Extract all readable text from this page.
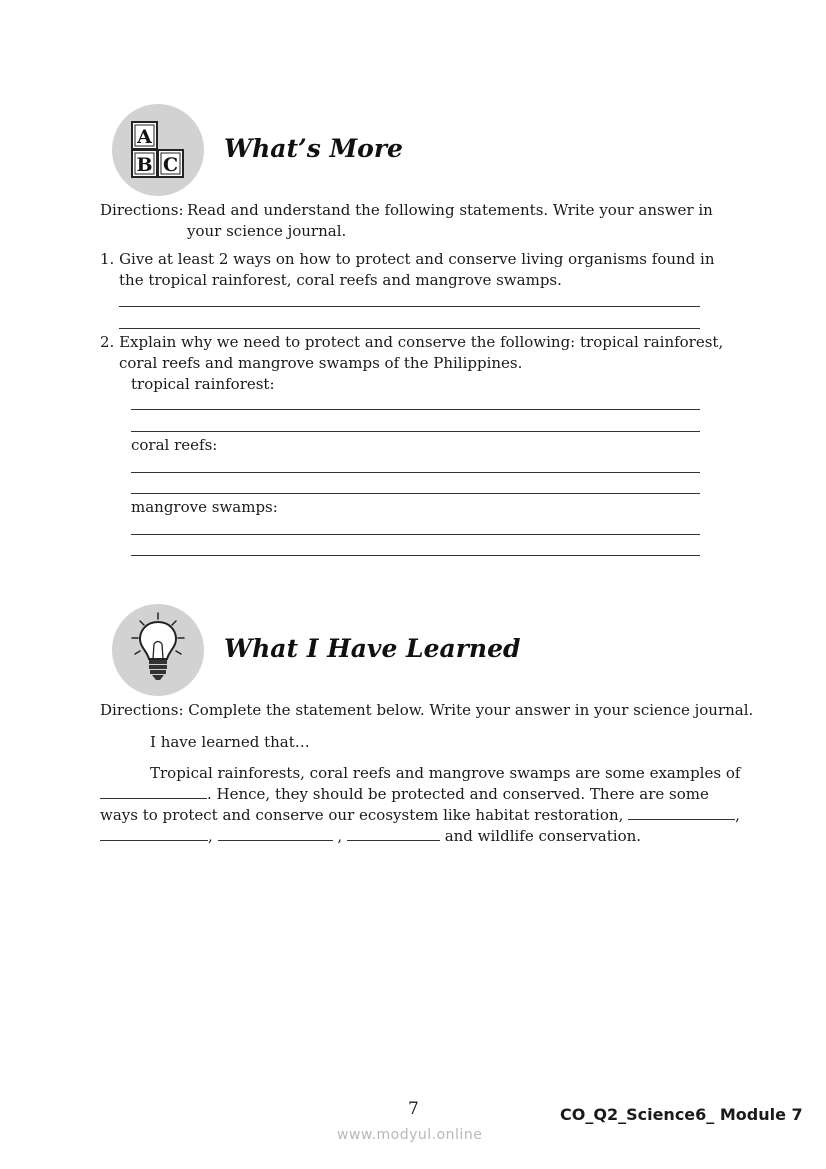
A
B C
What’s More
Directions: Read and understand the following statements. Write your answer in
your science journal.
1. Give at least 2 ways on how to protect and conserve living organisms found in
the tropical rainforest, coral reefs and mangrove swamps.
2. Explain why we need to protect and conserve the following: tropical rainforest,
coral reefs and mangrove swamps of the Philippines.
tropical rainforest:
coral reefs:
mangrove swamps:
What I Have Learned
Directions: Complete the statement below. Write your answer in your science journal.
I have learned that…
Tropical rainforests, coral reefs and mangrove swamps are some examples of
. Hence, they should be protected and conserved. There are some
ways to protect and conserve our ecosystem like habitat restoration,	,
,	,	and wildlife conservation.
7	CO_Q2_Science6_ Module 7
www.modyul.online
